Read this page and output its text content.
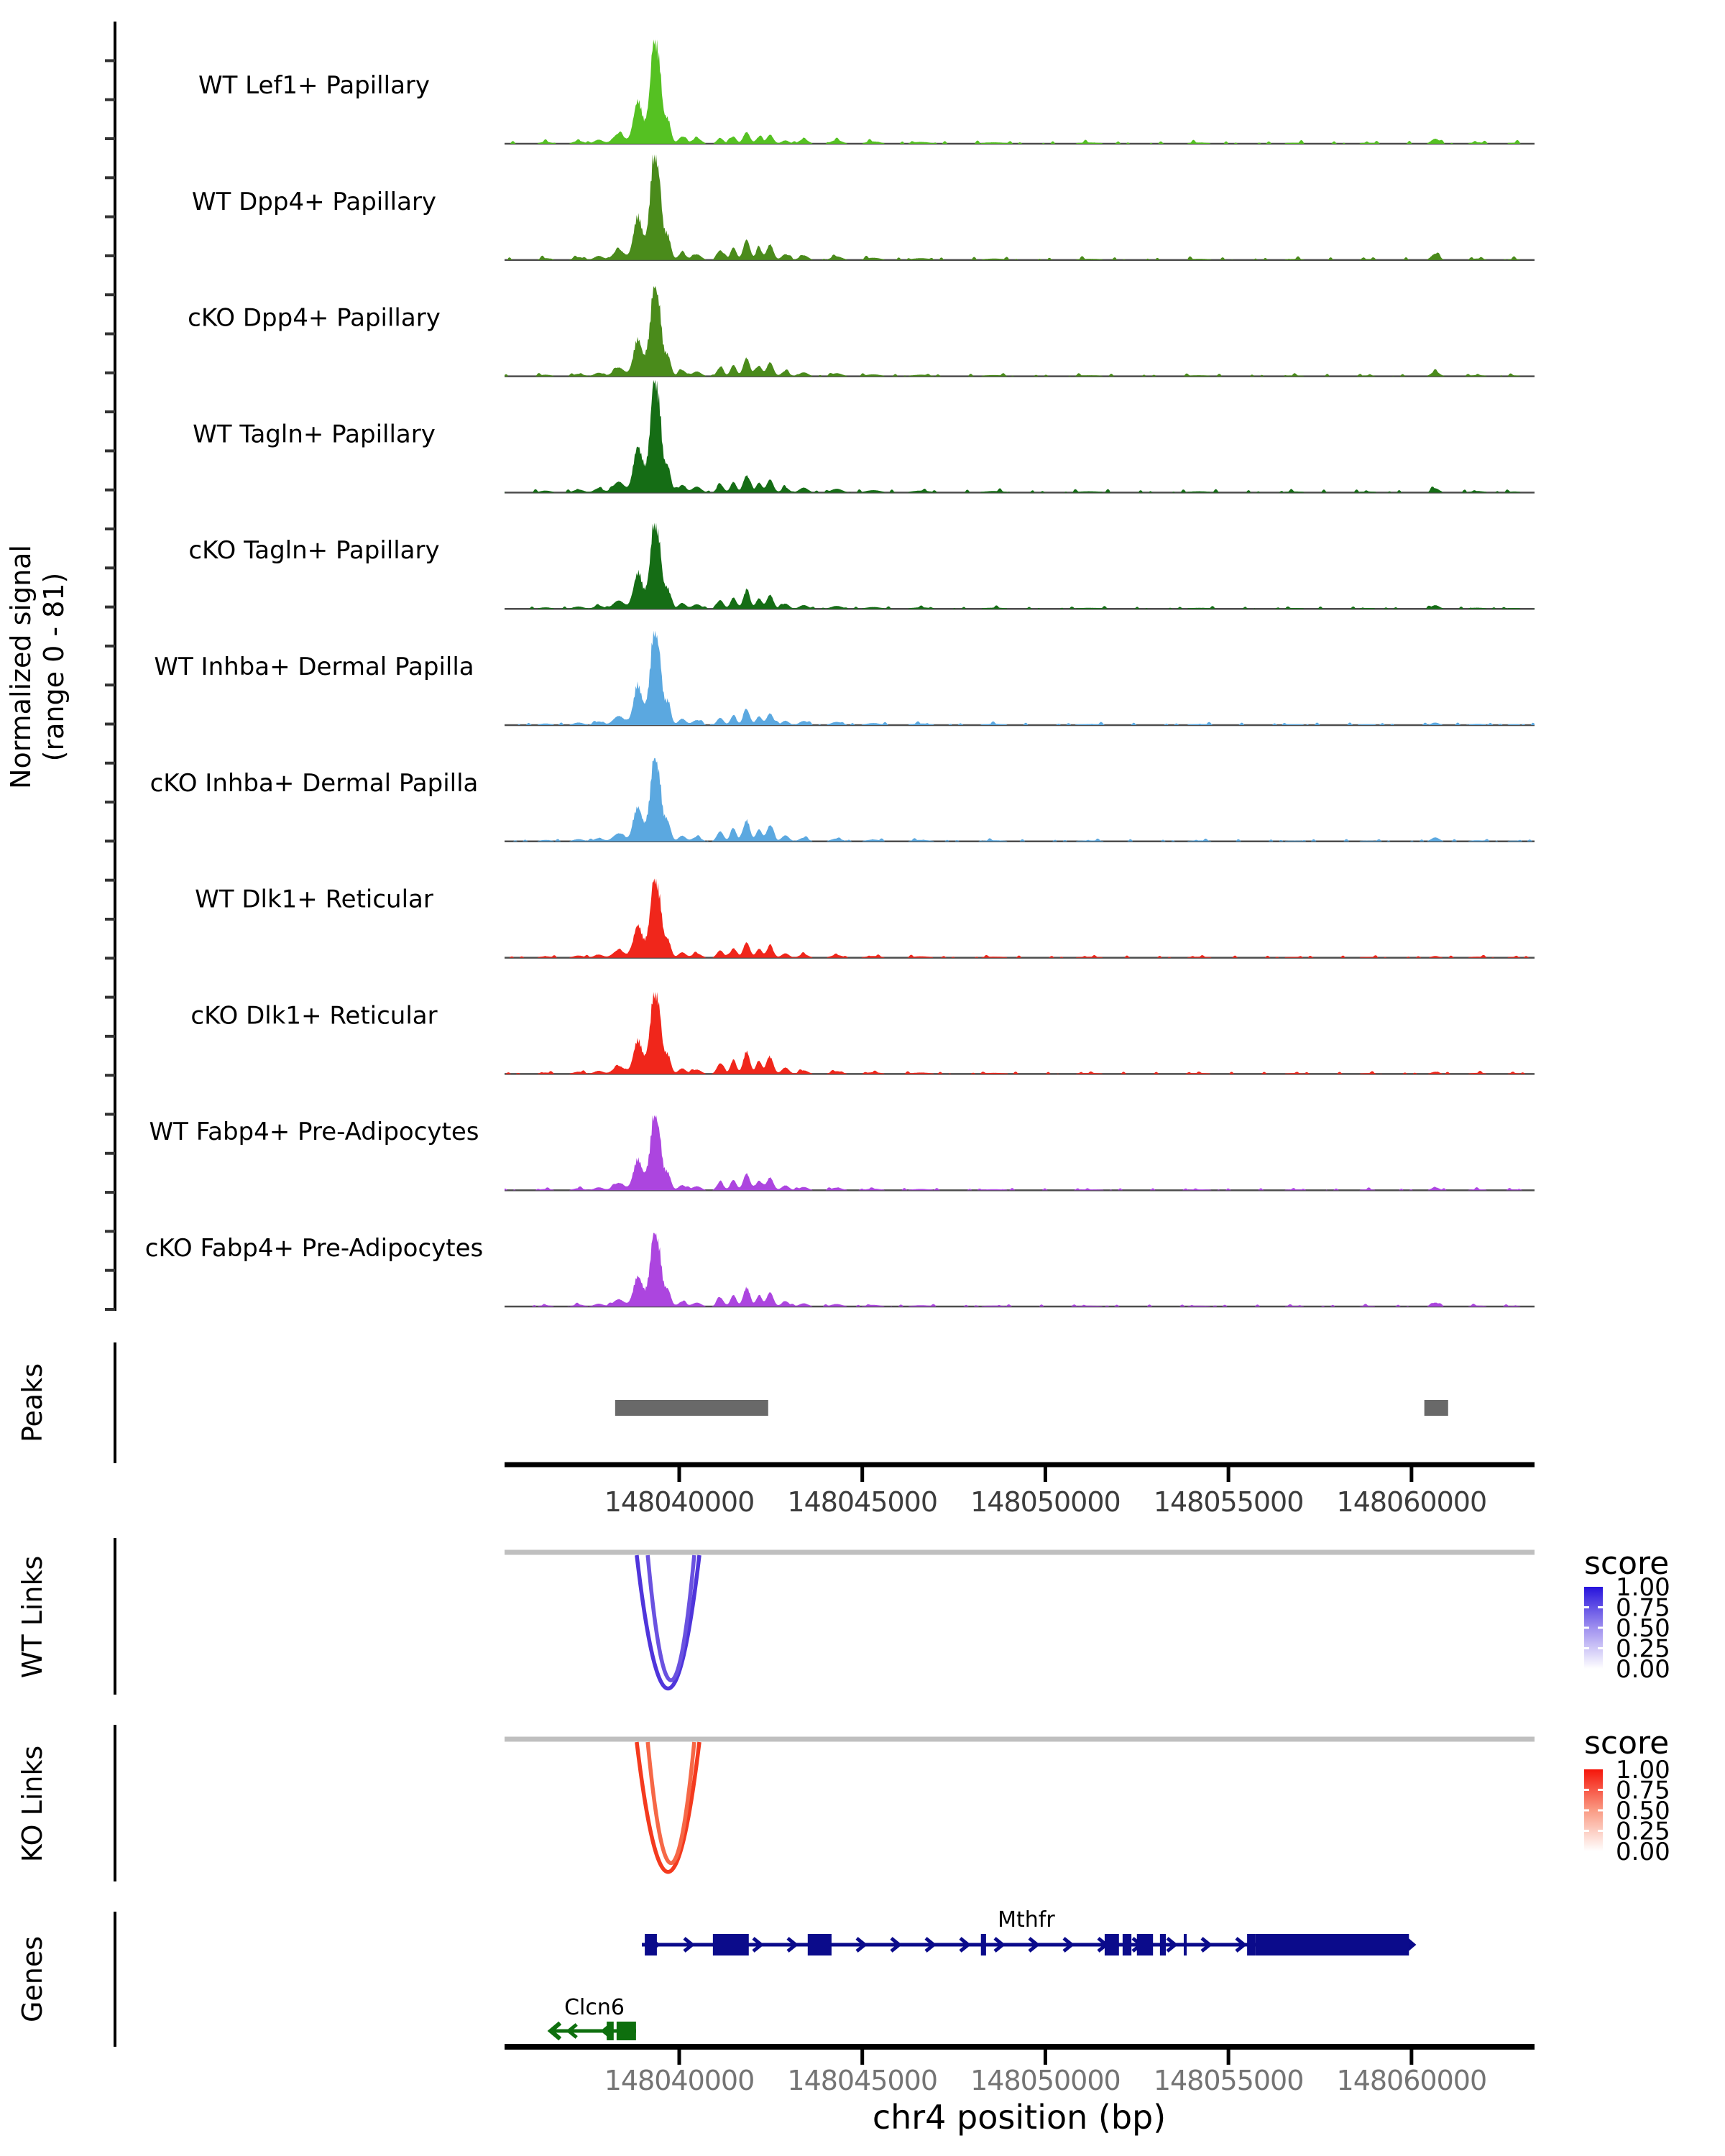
Normalized signal (range 0 - 81)
WT Lef1+ Papillary
WT Dpp4+ Papillary
cKO Dpp4+ Papillary
WT Tagln+ Papillary
cKO Tagln+ Papillary
WT Inhba+ Dermal Papilla
cKO Inhba+ Dermal Papilla
WT Dlk1+ Reticular
cKO Dlk1+ Reticular
WT Fabp4+ Pre-Adipocytes
cKO Fabp4+ Pre-Adipocytes
Peaks
148040000 148045000 148050000 148055000 148060000
WT Links	score
1.00
0.75
0.50
0.25
0.00
KO Links
score
1.00
0.75
0.50
0.25
0.00
Genes
Mthfr
Clcn6
148040000 148045000 148050000 148055000 148060000
chr4 position (bp)
